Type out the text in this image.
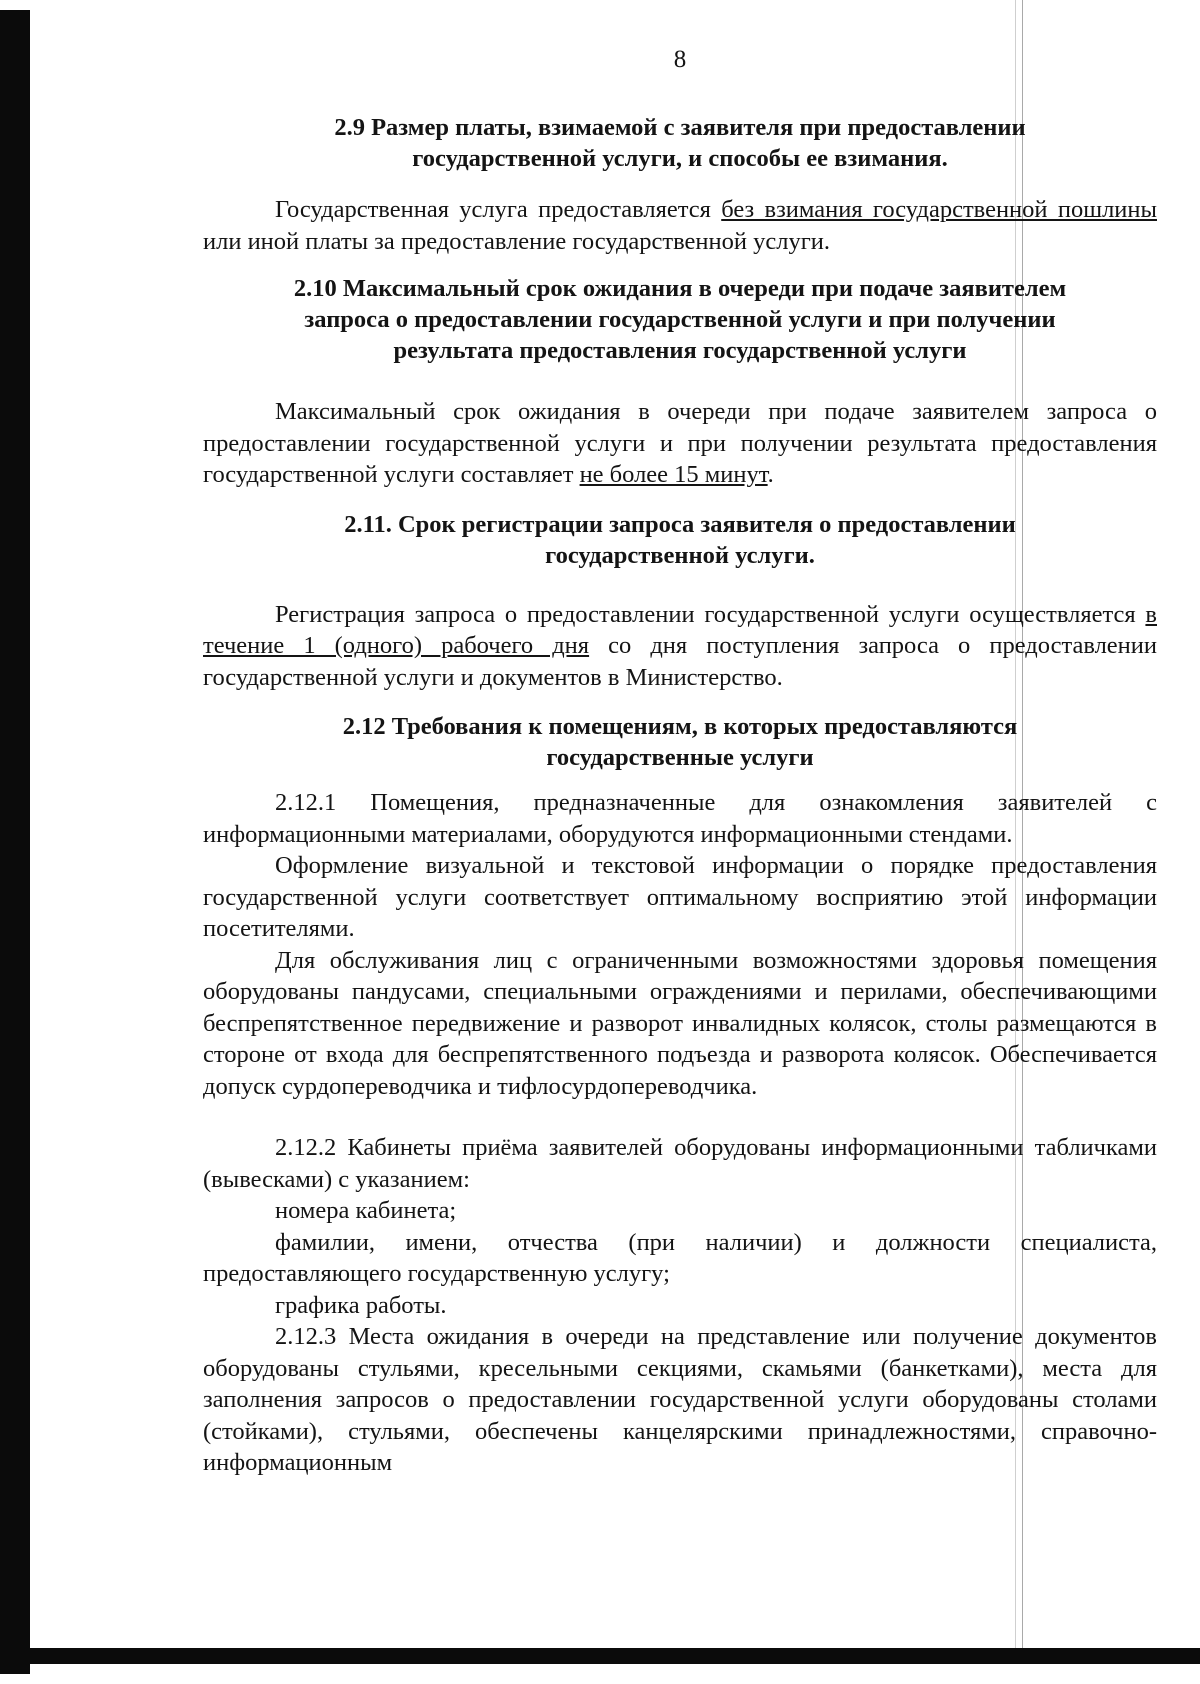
8

2.9 Размер платы, взимаемой с заявителя при предоставлении
государственной услуги, и способы ее взимания.

Государственная услуга предоставляется без взимания государственной пошлины или иной платы за предоставление государственной услуги.

2.10 Максимальный срок ожидания в очереди при подаче заявителем
запроса о предоставлении государственной услуги и при получении
результата предоставления государственной услуги

Максимальный срок ожидания в очереди при подаче заявителем запроса о предоставлении государственной услуги и при получении результата предоставления государственной услуги составляет не более 15 минут.

2.11. Срок регистрации запроса заявителя о предоставлении
государственной услуги.

Регистрация запроса о предоставлении государственной услуги осуществляется в течение 1 (одного) рабочего дня со дня поступления запроса о предоставлении государственной услуги и документов в Министерство.

2.12 Требования к помещениям, в которых предоставляются
государственные услуги

2.12.1 Помещения, предназначенные для ознакомления заявителей с информационными материалами, оборудуются информационными стендами.

Оформление визуальной и текстовой информации о порядке предоставления государственной услуги соответствует оптимальному восприятию этой информации посетителями.

Для обслуживания лиц с ограниченными возможностями здоровья помещения оборудованы пандусами, специальными ограждениями и перилами, обеспечивающими беспрепятственное передвижение и разворот инвалидных колясок, столы размещаются в стороне от входа для беспрепятственного подъезда и разворота колясок. Обеспечивается допуск сурдопереводчика и тифлосурдопереводчика.

2.12.2 Кабинеты приёма заявителей оборудованы информационными табличками (вывесками) с указанием:

номера кабинета;

фамилии, имени, отчества (при наличии) и должности специалиста, предоставляющего государственную услугу;

графика работы.

2.12.3 Места ожидания в очереди на представление или получение документов оборудованы стульями, кресельными секциями, скамьями (банкетками), места для заполнения запросов о предоставлении государственной услуги оборудованы столами (стойками), стульями, обеспечены канцелярскими принадлежностями, справочно-информационным
